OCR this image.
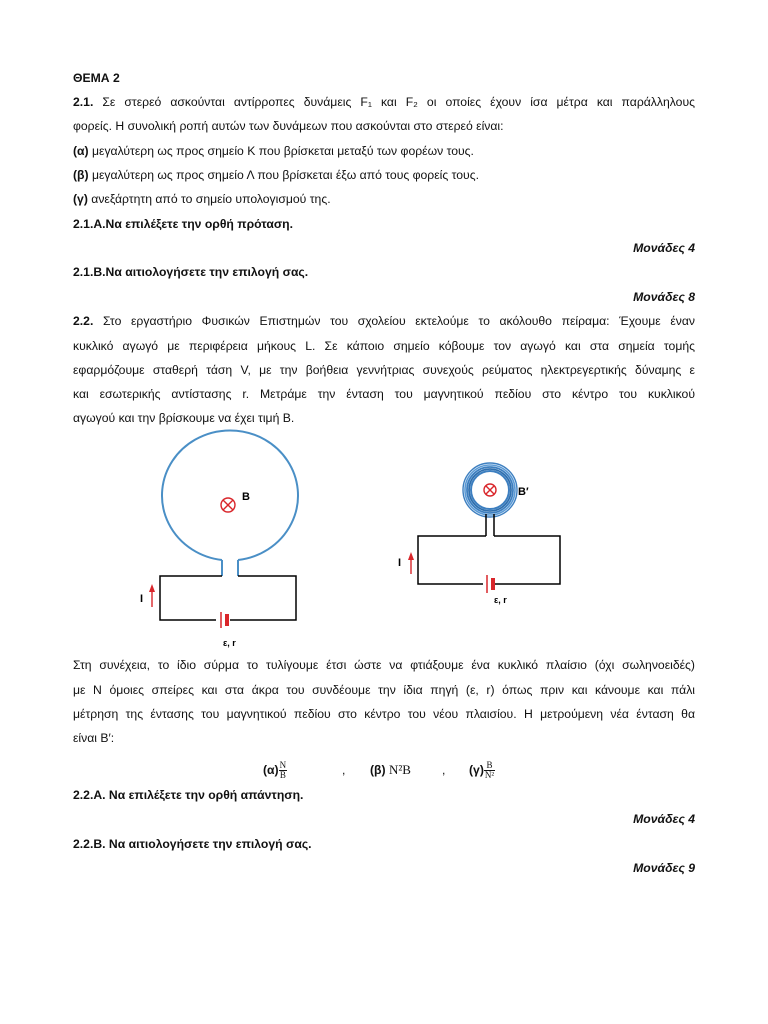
ΘΕΜΑ 2
2.1. Σε στερεό ασκούνται αντίρροπες δυνάμεις F₁ και F₂ οι οποίες έχουν ίσα μέτρα και παράλληλους
φορείς. Η συνολική ροπή αυτών των δυνάμεων που ασκούνται στο στερεό είναι:
(α) μεγαλύτερη ως προς σημείο Κ που βρίσκεται μεταξύ των φορέων τους.
(β) μεγαλύτερη ως προς σημείο Λ που βρίσκεται έξω από τους φορείς τους.
(γ) ανεξάρτητη από το σημείο υπολογισμού της.
2.1.Α.Να επιλέξετε την ορθή πρόταση.
Μονάδες 4
2.1.Β.Να αιτιολογήσετε την επιλογή σας.
Μονάδες 8
2.2. Στο εργαστήριο Φυσικών Επιστημών του σχολείου εκτελούμε το ακόλουθο πείραμα: Έχουμε έναν
κυκλικό αγωγό με περιφέρεια μήκους L. Σε κάποιο σημείο κόβουμε τον αγωγό και στα σημεία τομής
εφαρμόζουμε σταθερή τάση V, με την βοήθεια γεννήτριας συνεχούς ρεύματος ηλεκτρεγερτικής δύναμης ε
και εσωτερικής αντίστασης r. Μετράμε την ένταση του μαγνητικού πεδίου στο κέντρο του κυκλικού
αγωγού και την βρίσκουμε να έχει τιμή B.
Στη συνέχεια, το ίδιο σύρμα το τυλίγουμε έτσι ώστε να φτιάξουμε ένα κυκλικό πλαίσιο (όχι σωληνοειδές)
με N όμοιες σπείρες και στα άκρα του συνδέουμε την ίδια πηγή (ε, r) όπως πριν και κάνουμε και πάλι
μέτρηση της έντασης του μαγνητικού πεδίου στο κέντρο του νέου πλαισίου. Η μετρούμενη νέα ένταση θα
είναι B′:
$(\alpha) \frac{N}{B}$	, (β) N²B	, $(\gamma) \frac{B}{\text{N²}}$
2.2.Α. Να επιλέξετε την ορθή απάντηση.
Μονάδες 4
2.2.Β. Να αιτιολογήσετε την επιλογή σας.
Μονάδες 9
B
I
ε, r
B′
I
ε, r
